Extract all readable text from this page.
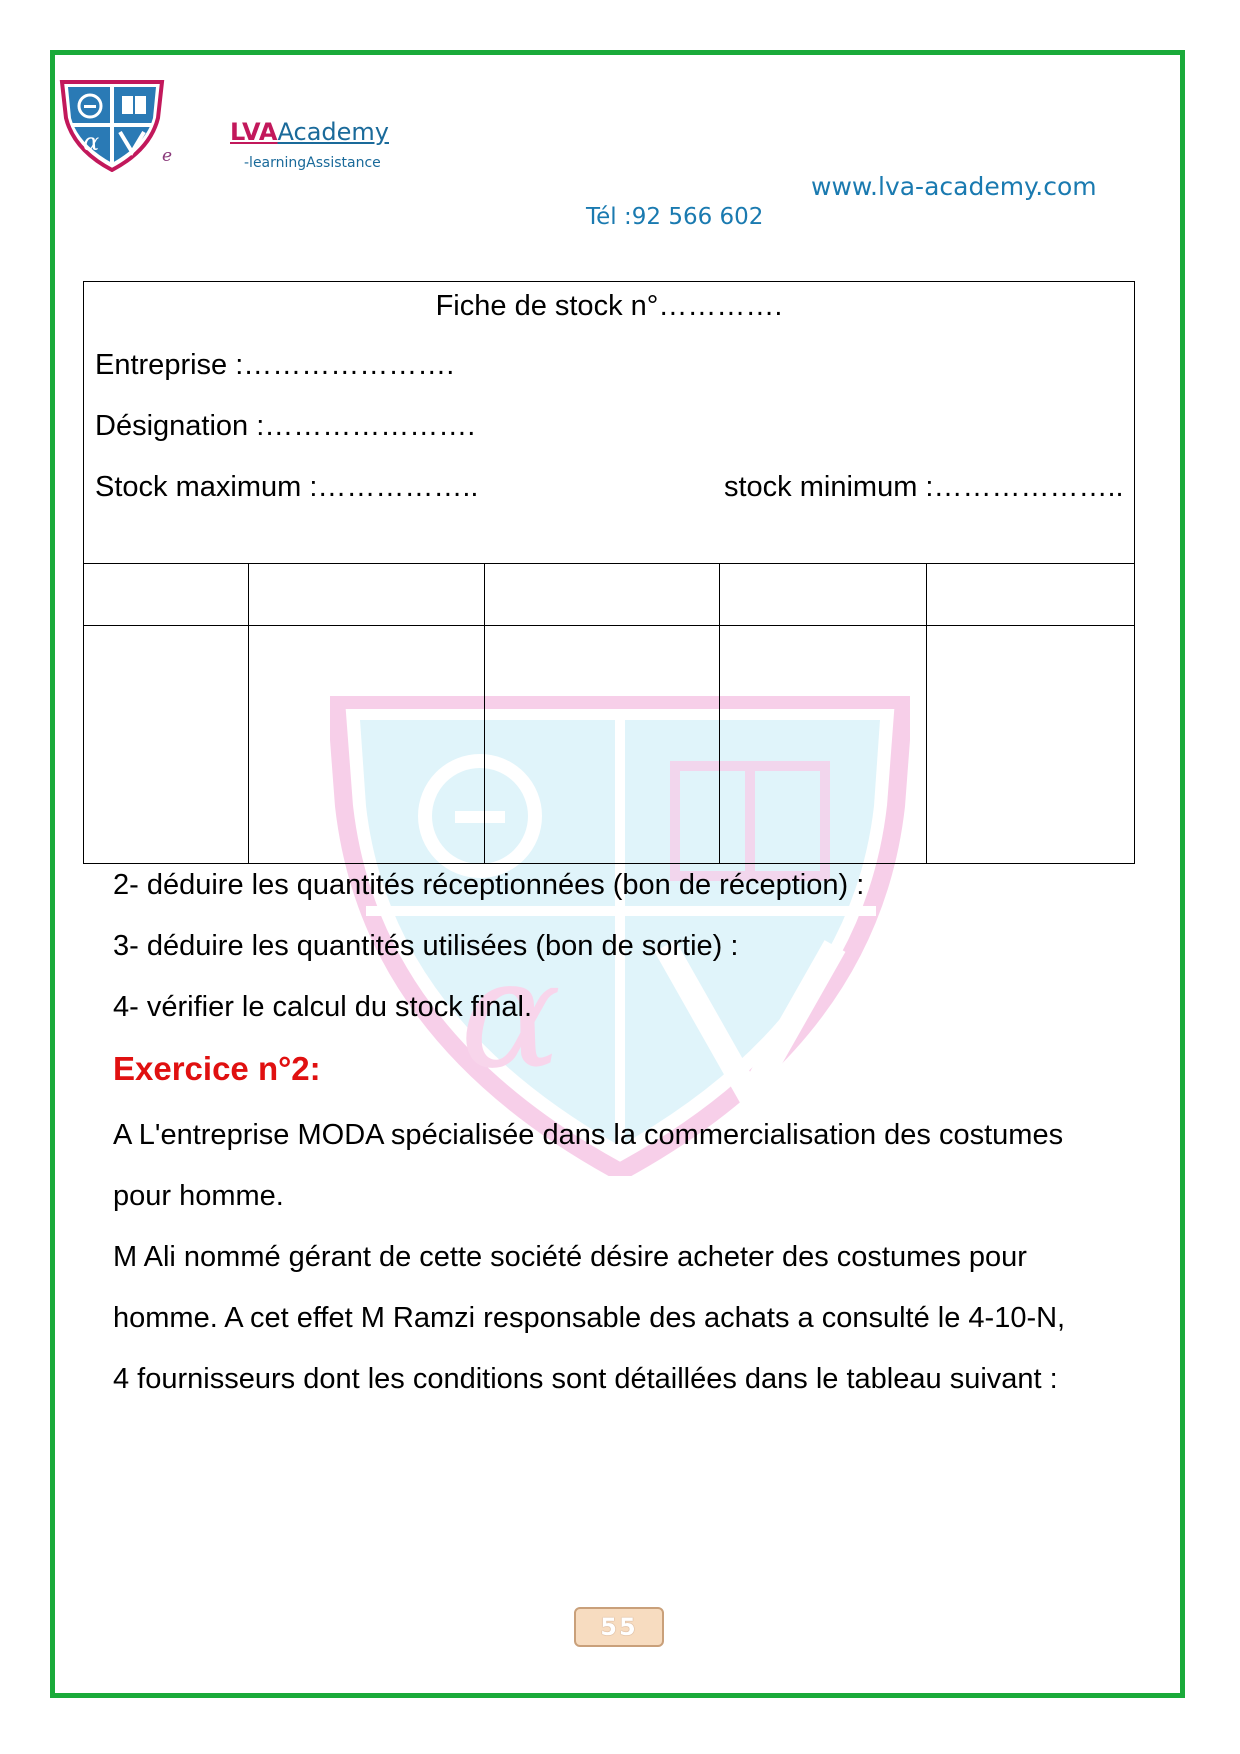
α	e
LVAAcademy
-learningAssistance
www.lva-academy.com
Tél :92 566 602
α
Fiche de stock n°………….
Entreprise :………………….
Désignation :………………….
Stock maximum :……………..	stock minimum :………………..
2- déduire les quantités réceptionnées (bon de réception) :
3- déduire les quantités utilisées (bon de sortie) :
4- vérifier le calcul du stock final.
Exercice n°2:
A L'entreprise MODA spécialisée dans la commercialisation des costumes
pour homme.
M Ali nommé gérant de cette société désire acheter des costumes pour
homme. A cet effet M Ramzi responsable des achats a consulté le 4-10-N,
4 fournisseurs dont les conditions sont détaillées dans le tableau suivant :
55
